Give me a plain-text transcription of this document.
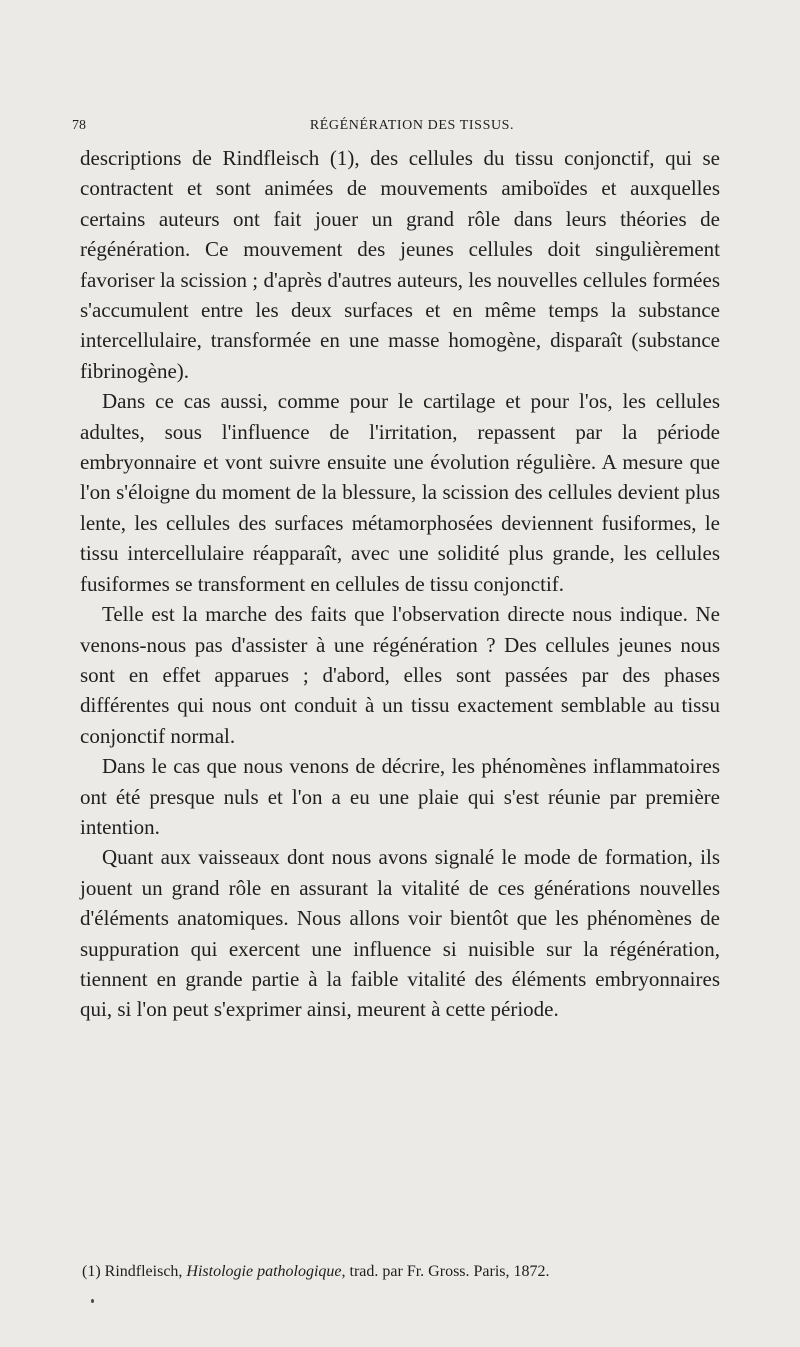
78	RÉGÉNÉRATION DES TISSUS.

descriptions de Rindfleisch (1), des cellules du tissu conjonctif, qui se contractent et sont animées de mouvements amiboïdes et auxquelles certains auteurs ont fait jouer un grand rôle dans leurs théories de régénération. Ce mouvement des jeunes cellules doit singulièrement favoriser la scission ; d'après d'autres auteurs, les nouvelles cellules formées s'accumulent entre les deux surfaces et en même temps la substance intercellulaire, transformée en une masse homogène, disparaît (substance fibrinogène).

Dans ce cas aussi, comme pour le cartilage et pour l'os, les cellules adultes, sous l'influence de l'irritation, repassent par la période embryonnaire et vont suivre ensuite une évolution régulière. A mesure que l'on s'éloigne du moment de la blessure, la scission des cellules devient plus lente, les cellules des surfaces métamorphosées deviennent fusiformes, le tissu intercellulaire réapparaît, avec une solidité plus grande, les cellules fusiformes se transforment en cellules de tissu conjonctif.

Telle est la marche des faits que l'observation directe nous indique. Ne venons-nous pas d'assister à une régénération ? Des cellules jeunes nous sont en effet apparues ; d'abord, elles sont passées par des phases différentes qui nous ont conduit à un tissu exactement semblable au tissu conjonctif normal.

Dans le cas que nous venons de décrire, les phénomènes inflammatoires ont été presque nuls et l'on a eu une plaie qui s'est réunie par première intention.

Quant aux vaisseaux dont nous avons signalé le mode de formation, ils jouent un grand rôle en assurant la vitalité de ces générations nouvelles d'éléments anatomiques. Nous allons voir bientôt que les phénomènes de suppuration qui exercent une influence si nuisible sur la régénération, tiennent en grande partie à la faible vitalité des éléments embryonnaires qui, si l'on peut s'exprimer ainsi, meurent à cette période.

(1) Rindfleisch, Histologie pathologique, trad. par Fr. Gross. Paris, 1872.
